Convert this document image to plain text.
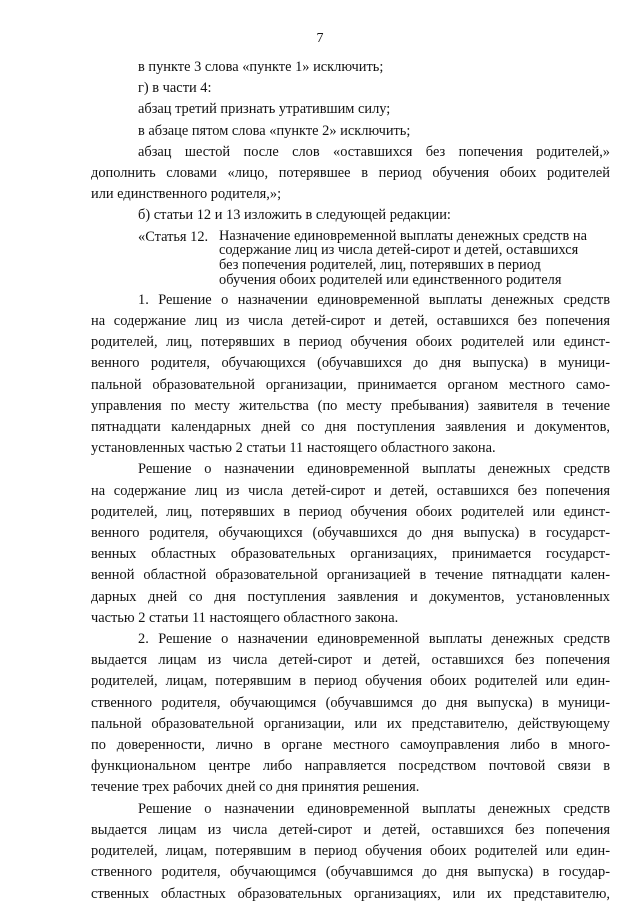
7
в пункте 3 слова «пункте 1» исключить;
г) в части 4:
абзац третий признать утратившим силу;
в абзаце пятом слова «пункте 2» исключить;
абзац шестой после слов «оставшихся без попечения родителей,»
дополнить словами «лицо, потерявшее в период обучения обоих родителей
или единственного родителя,»;
б) статьи 12 и 13 изложить в следующей редакции:
«Статья 12. Назначение единовременной выплаты денежных средств на содержание лиц из числа детей-сирот и детей, оставшихся без попечения родителей, лиц, потерявших в период обучения обоих родителей или единственного родителя
1. Решение о назначении единовременной выплаты денежных средств
на содержание лиц из числа детей-сирот и детей, оставшихся без попечения
родителей, лиц, потерявших в период обучения обоих родителей или единст-
венного родителя, обучающихся (обучавшихся до дня выпуска) в муници-
пальной образовательной организации, принимается органом местного само-
управления по месту жительства (по месту пребывания) заявителя в течение
пятнадцати календарных дней со дня поступления заявления и документов,
установленных частью 2 статьи 11 настоящего областного закона.
Решение о назначении единовременной выплаты денежных средств
на содержание лиц из числа детей-сирот и детей, оставшихся без попечения
родителей, лиц, потерявших в период обучения обоих родителей или единст-
венного родителя, обучающихся (обучавшихся до дня выпуска) в государст-
венных областных образовательных организациях, принимается государст-
венной областной образовательной организацией в течение пятнадцати кален-
дарных дней со дня поступления заявления и документов, установленных
частью 2 статьи 11 настоящего областного закона.
2. Решение о назначении единовременной выплаты денежных средств
выдается лицам из числа детей-сирот и детей, оставшихся без попечения
родителей, лицам, потерявшим в период обучения обоих родителей или един-
ственного родителя, обучающимся (обучавшимся до дня выпуска) в муници-
пальной образовательной организации, или их представителю, действующему
по доверенности, лично в органе местного самоуправления либо в много-
функциональном центре либо направляется посредством почтовой связи в
течение трех рабочих дней со дня принятия решения.
Решение о назначении единовременной выплаты денежных средств
выдается лицам из числа детей-сирот и детей, оставшихся без попечения
родителей, лицам, потерявшим в период обучения обоих родителей или един-
ственного родителя, обучающимся (обучавшимся до дня выпуска) в государ-
ственных областных образовательных организациях, или их представителю,
